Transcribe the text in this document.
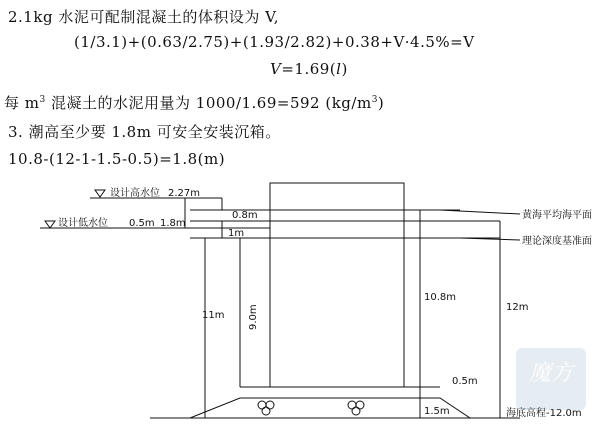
2.1kg 水泥可配制混凝土的体积设为 V,
(1/3.1)+(0.63/2.75)+(1.93/2.82)+0.38+V·4.5%=V
V=1.69(l)
每 $m^3$ 混凝土的水泥用量为 1000/1.69=592 $(kg/m^3)$
3. 潮高至少要 1.8m 可安全安装沉箱。
10.8-(12-1-1.5-0.5)=1.8(m)
设计高水位 2.27m
设计低水位 0.5m 1.8m
0.8m
1m
黄海平均海平面
理论深度基准面
11m 9.0m
10.8m
12m
0.5m
1.5m	海底高程-12.0m
魔方
